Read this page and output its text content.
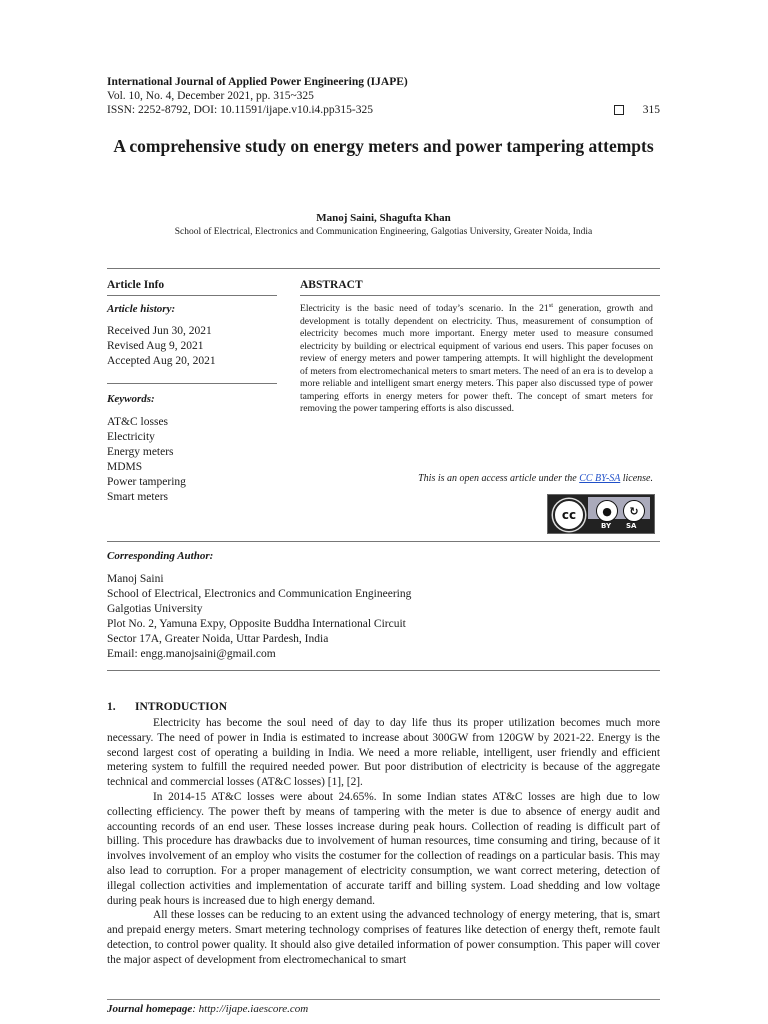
International Journal of Applied Power Engineering (IJAPE)
Vol. 10, No. 4, December 2021, pp. 315~325
ISSN: 2252-8792, DOI: 10.11591/ijape.v10.i4.pp315-325	315
A comprehensive study on energy meters and power tampering attempts
Manoj Saini, Shagufta Khan
School of Electrical, Electronics and Communication Engineering, Galgotias University, Greater Noida, India
Article Info	ABSTRACT
Article history:
Received Jun 30, 2021
Revised Aug 9, 2021
Accepted Aug 20, 2021
Keywords:
AT&C losses
Electricity
Energy meters
MDMS
Power tampering
Smart meters

Electricity is the basic need of today’s scenario. In the 21st generation, growth and development is totally dependent on electricity. Thus, measurement of consumption of electricity becomes much more important. Energy meter used to measure consumed electricity by building or electrical equipment of various end users. This paper focuses on review of energy meters and power tampering attempts. It will highlight the development of meters from electromechanical meters to smart meters. The need of an era is to develop a more reliable and intelligent smart energy meters. This paper also discussed type of power tampering efforts in energy meters for power theft. The concept of smart meters for removing the power tampering efforts is also discussed.

This is an open access article under the CC BY-SA license.
cc	●	↻
BY SA
Corresponding Author:
Manoj Saini
School of Electrical, Electronics and Communication Engineering
Galgotias University
Plot No. 2, Yamuna Expy, Opposite Buddha International Circuit
Sector 17A, Greater Noida, Uttar Pardesh, India
Email: engg.manojsaini@gmail.com
1. INTRODUCTION

Electricity has become the soul need of day to day life thus its proper utilization becomes much more necessary. The need of power in India is estimated to increase about 300GW from 120GW by 2021-22. Energy is the second largest cost of operating a building in India. We need a more reliable, intelligent, user friendly and efficient metering system to fulfill the required needed power. But poor distribution of electricity is because of the aggregate technical and commercial losses (AT&C losses) [1], [2].

In 2014-15 AT&C losses were about 24.65%. In some Indian states AT&C losses are high due to low collecting efficiency. The power theft by means of tampering with the meter is due to absence of energy audit and accounting records of an end user. These losses increase during peak hours. Collection of reading is difficult part of billing. This procedure has drawbacks due to involvement of human resources, time consuming and tiring, because of it involves involvement of an employ who visits the costumer for the collection of readings on a particular basis. This may also lead to corruption. For a proper management of electricity consumption, we want correct metering, detection of illegal collection activities and implementation of accurate tariff and billing system. Load shedding and low voltage during peak hours is increased due to high energy demand.

All these losses can be reducing to an extent using the advanced technology of energy metering, that is, smart and prepaid energy meters. Smart metering technology comprises of features like detection of energy theft, remote fault detection, to control power quality. It should also give detailed information of power consumption. This paper will cover the major aspect of development from electromechanical to smart

Journal homepage: http://ijape.iaescore.com
